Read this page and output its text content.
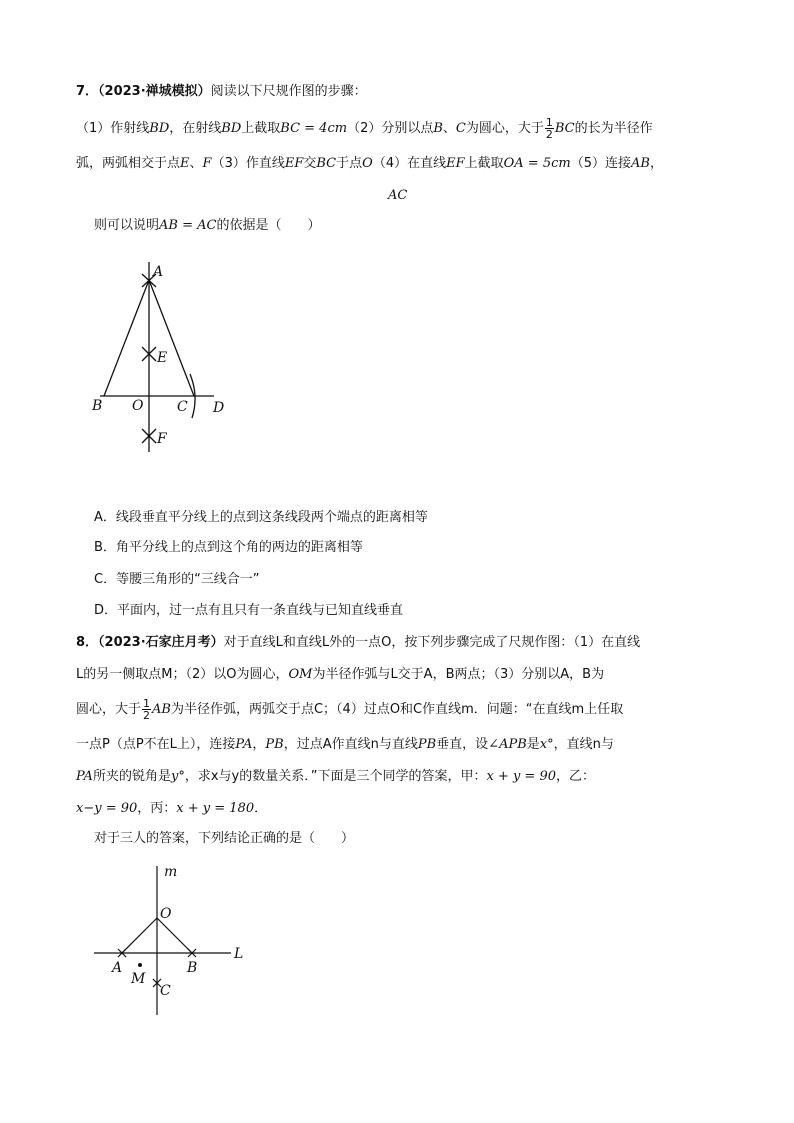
7．（2023·禅城模拟）阅读以下尺规作图的步骤：
（1）作射线BD，在射线BD上截取BC = 4cm（2）分别以点B、C为圆心，大于 $\frac{1}{2}$ BC的长为半径作
弧，两弧相交于点E、F（3）作直线EF交BC于点O（4）在直线EF上截取OA = 5cm（5）连接AB，
AC
则可以说明AB = AC的依据是（　　）
A
E
B O C D
F
m
O
L
A	B
M
C
A．线段垂直平分线上的点到这条线段两个端点的距离相等
B．角平分线上的点到这个角的两边的距离相等
C．等腰三角形的“三线合一”
D．平面内，过一点有且只有一条直线与已知直线垂直
8．（2023·石家庄月考）对于直线L和直线L外的一点O，按下列步骤完成了尺规作图：（1）在直线
L的另一侧取点M；（2）以O为圆心，OM为半径作弧与L交于A，B两点；（3）分别以A，B为
圆心，大于 $\frac{1}{2}$ AB为半径作弧，两弧交于点C；（4）过点O和C作直线m．问题：“在直线m上任取
一点P（点P不在L上），连接PA，PB，过点A作直线n与直线PB垂直，设∠APB是x°，直线n与
PA所夹的锐角是y°，求x与y的数量关系．”下面是三个同学的答案，甲：x + y = 90，乙：
x−y = 90，丙：x + y = 180．
对于三人的答案，下列结论正确的是（　　）
